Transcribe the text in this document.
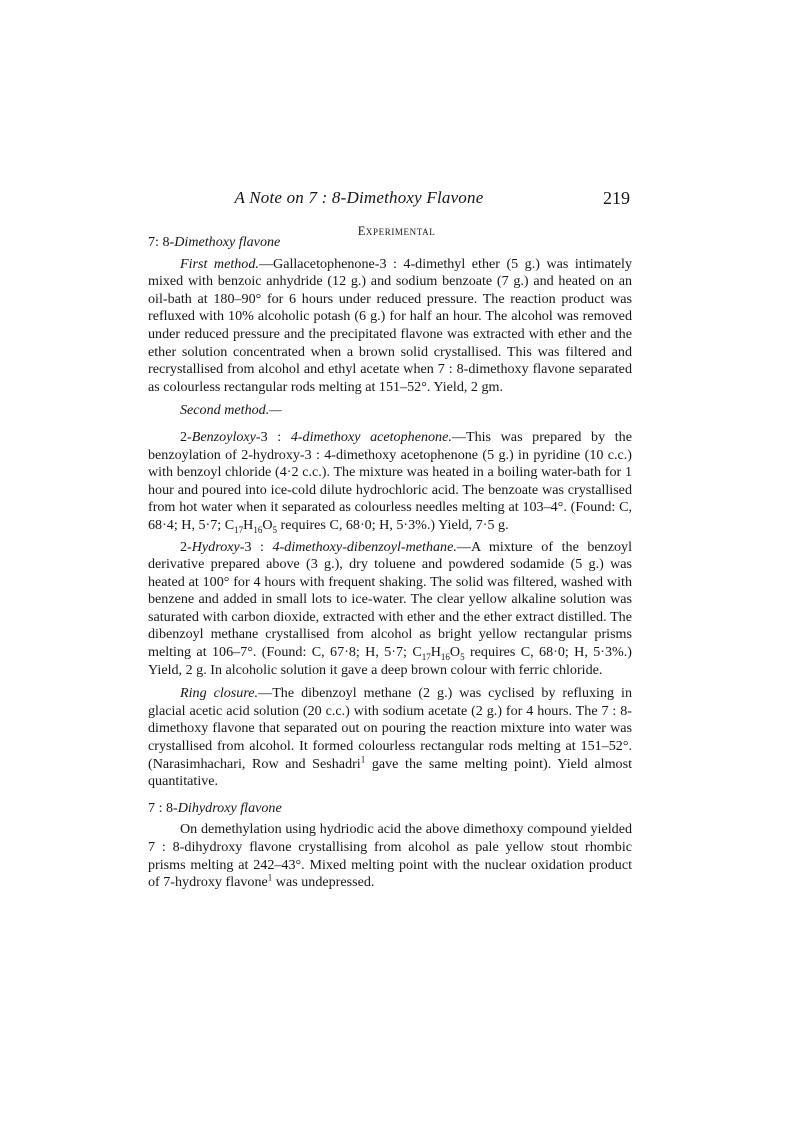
A Note on 7 : 8-Dimethoxy Flavone	219
Experimental

7: 8-Dimethoxy flavone

First method.—Gallacetophenone-3 : 4-dimethyl ether (5 g.) was intimately mixed with benzoic anhydride (12 g.) and sodium benzoate (7 g.) and heated on an oil-bath at 180–90° for 6 hours under reduced pressure. The reaction product was refluxed with 10% alcoholic potash (6 g.) for half an hour. The alcohol was removed under reduced pressure and the precipitated flavone was extracted with ether and the ether solution concentrated when a brown solid crystallised. This was filtered and recrystallised from alcohol and ethyl acetate when 7 : 8-dimethoxy flavone separated as colourless rectangular rods melting at 151–52°. Yield, 2 gm.

Second method.—

2-Benzoyloxy-3 : 4-dimethoxy acetophenone.—This was prepared by the benzoylation of 2-hydroxy-3 : 4-dimethoxy acetophenone (5 g.) in pyridine (10 c.c.) with benzoyl chloride (4·2 c.c.). The mixture was heated in a boiling water-bath for 1 hour and poured into ice-cold dilute hydrochloric acid. The benzoate was crystallised from hot water when it separated as colourless needles melting at 103–4°. (Found: C, 68·4; H, 5·7; $C_{17}H_{16}O_5$ requires C, 68·0; H, 5·3%.) Yield, 7·5 g.

2-Hydroxy-3 : 4-dimethoxy-dibenzoyl-methane.—A mixture of the benzoyl derivative prepared above (3 g.), dry toluene and powdered sodamide (5 g.) was heated at 100° for 4 hours with frequent shaking. The solid was filtered, washed with benzene and added in small lots to ice-water. The clear yellow alkaline solution was saturated with carbon dioxide, extracted with ether and the ether extract distilled. The dibenzoyl methane crystallised from alcohol as bright yellow rectangular prisms melting at 106–7°. (Found: C, 67·8; H, 5·7; $C_{17}H_{16}O_5$ requires C, 68·0; H, 5·3%.) Yield, 2 g. In alcoholic solution it gave a deep brown colour with ferric chloride.

Ring closure.—The dibenzoyl methane (2 g.) was cyclised by refluxing in glacial acetic acid solution (20 c.c.) with sodium acetate (2 g.) for 4 hours. The 7 : 8-dimethoxy flavone that separated out on pouring the reaction mixture into water was crystallised from alcohol. It formed colourless rectangular rods melting at 151–52°. (Narasimhachari, Row and Seshadri$^1$ gave the same melting point). Yield almost quantitative.

7 : 8-Dihydroxy flavone

On demethylation using hydriodic acid the above dimethoxy compound yielded 7 : 8-dihydroxy flavone crystallising from alcohol as pale yellow stout rhombic prisms melting at 242–43°. Mixed melting point with the nuclear oxidation product of 7-hydroxy flavone$^1$ was undepressed.
